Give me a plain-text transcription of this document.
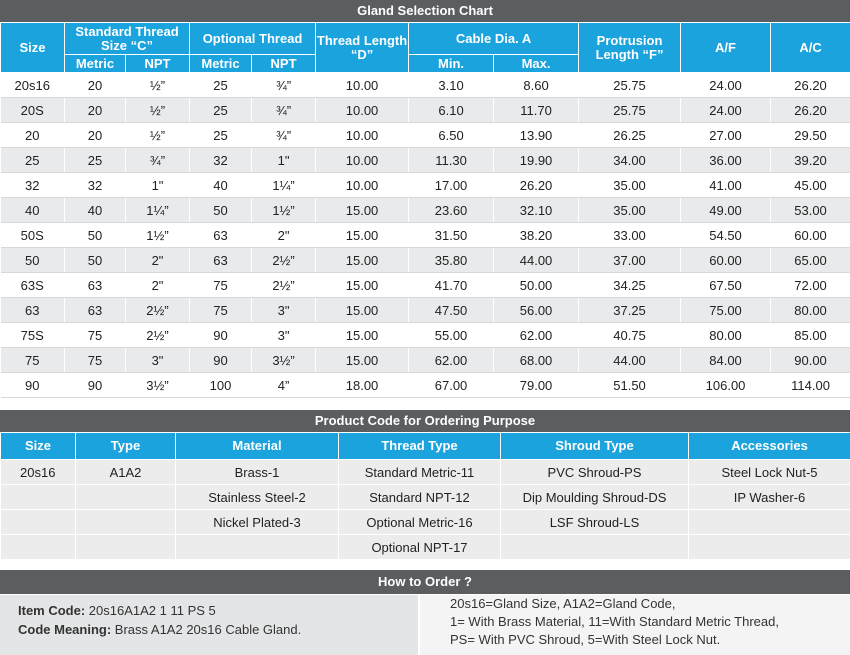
Gland Selection Chart
Size	Standard Thread Size “C”		Optional Thread		Thread Length “D”	Cable Dia. A		Protrusion Length “F”	A/F	A/C
	Metric	NPT	Metric	NPT		Min.	Max.			
20s16	20	½”	25	¾”	10.00	3.10	8.60	25.75	24.00	26.20
20S	20	½”	25	¾”	10.00	6.10	11.70	25.75	24.00	26.20
20	20	½”	25	¾”	10.00	6.50	13.90	26.25	27.00	29.50
25	25	¾”	32	1"	10.00	11.30	19.90	34.00	36.00	39.20
32	32	1"	40	1¼”	10.00	17.00	26.20	35.00	41.00	45.00
40	40	1¼”	50	1½”	15.00	23.60	32.10	35.00	49.00	53.00
50S	50	1½”	63	2"	15.00	31.50	38.20	33.00	54.50	60.00
50	50	2"	63	2½”	15.00	35.80	44.00	37.00	60.00	65.00
63S	63	2"	75	2½”	15.00	41.70	50.00	34.25	67.50	72.00
63	63	2½”	75	3"	15.00	47.50	56.00	37.25	75.00	80.00
75S	75	2½”	90	3"	15.00	55.00	62.00	40.75	80.00	85.00
75	75	3"	90	3½”	15.00	62.00	68.00	44.00	84.00	90.00
90	90	3½”	100	4”	18.00	67.00	79.00	51.50	106.00	114.00
Product Code for Ordering Purpose
Size	Type	Material	Thread Type	Shroud Type	Accessories
20s16	A1A2	Brass-1	Standard Metric-11	PVC Shroud-PS	Steel Lock Nut-5
		Stainless Steel-2	Standard NPT-12	Dip Moulding Shroud-DS	IP Washer-6
		Nickel Plated-3	Optional Metric-16	LSF Shroud-LS	
			Optional NPT-17		
How to Order ?
Item Code: 20s16A1A2 1 11 PS 5
Code Meaning: Brass A1A2 20s16 Cable Gland.
20s16=Gland Size, A1A2=Gland Code,
1= With Brass Material, 11=With Standard Metric Thread,
PS= With PVC Shroud, 5=With Steel Lock Nut.
